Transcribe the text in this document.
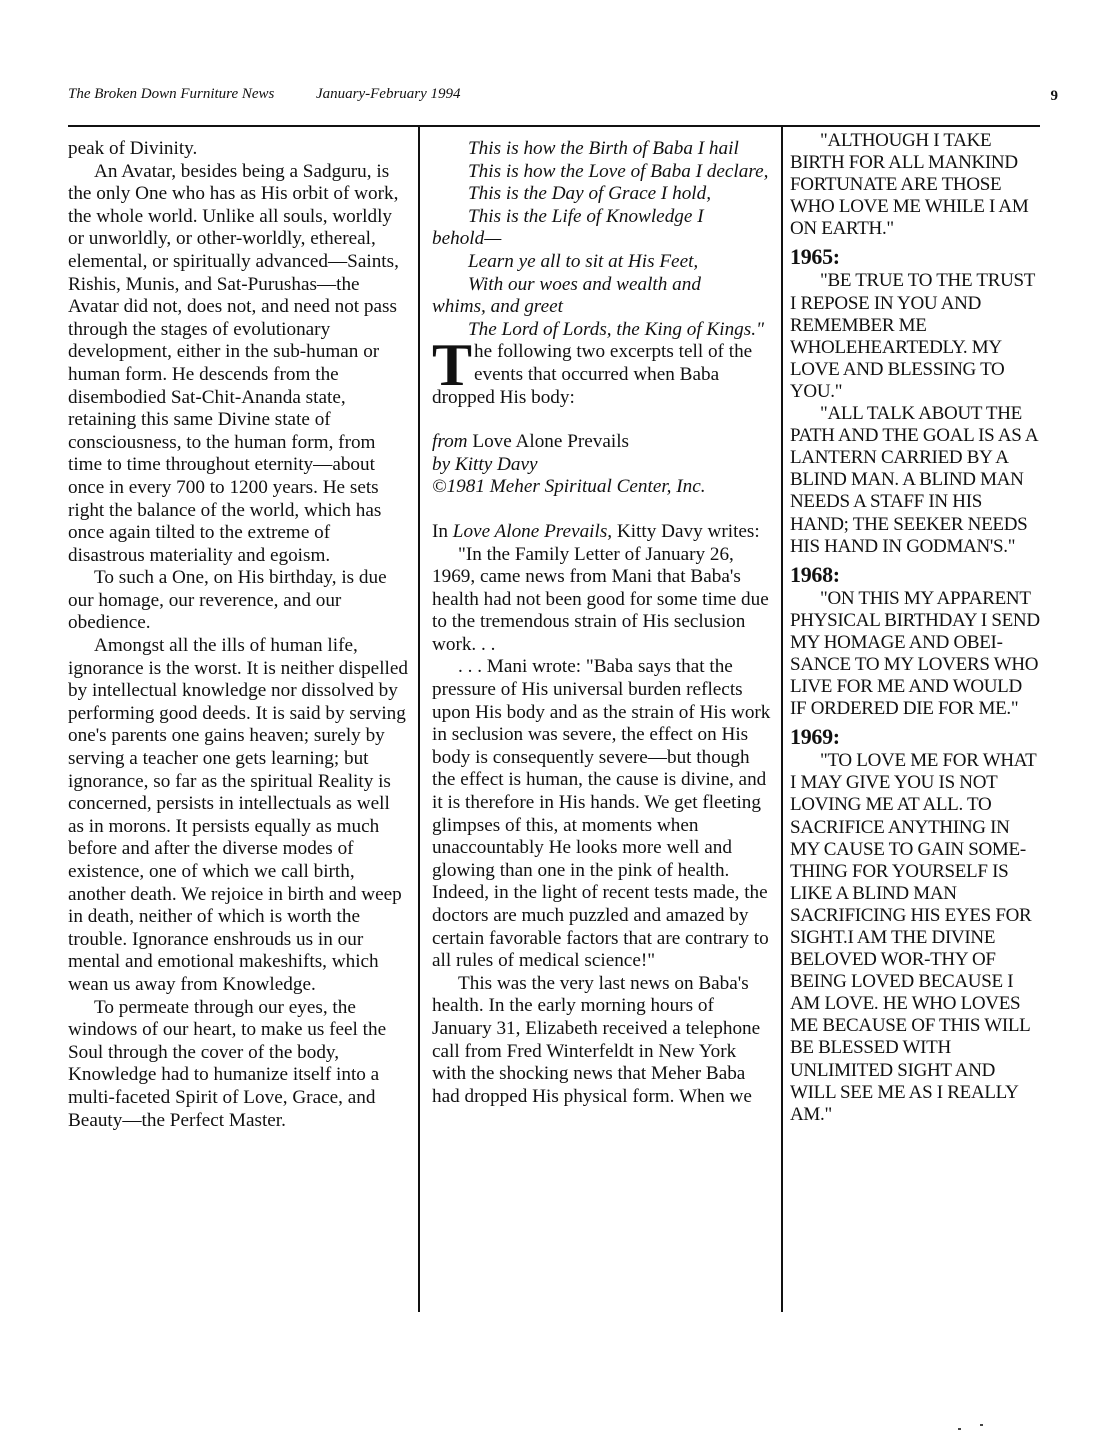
The Broken Down Furniture News	January-February 1994	9

peak of Divinity.

An Avatar, besides being a Sadguru, is the only One who has as His orbit of work, the whole world. Unlike all souls, worldly or unworldly, or other-worldly, ethereal, elemental, or spiritually advanced—Saints, Rishis, Munis, and Sat-Purushas—the Avatar did not, does not, and need not pass through the stages of evolutionary development, either in the sub-human or human form. He descends from the disembodied Sat-Chit-Ananda state, retaining this same Divine state of consciousness, to the human form, from time to time throughout eternity—about once in every 700 to 1200 years. He sets right the balance of the world, which has once again tilted to the extreme of disastrous materiality and egoism.

To such a One, on His birthday, is due our homage, our reverence, and our obedience.

Amongst all the ills of human life, ignorance is the worst. It is neither dispelled by intellectual knowledge nor dissolved by performing good deeds. It is said by serving one's parents one gains heaven; surely by serving a teacher one gets learning; but ignorance, so far as the spiritual Reality is concerned, persists in intellectuals as well as in morons. It persists equally as much before and after the diverse modes of existence, one of which we call birth, another death. We rejoice in birth and weep in death, neither of which is worth the trouble. Ignorance enshrouds us in our mental and emotional makeshifts, which wean us away from Knowledge.

To permeate through our eyes, the windows of our heart, to make us feel the Soul through the cover of the body, Knowledge had to humanize itself into a multi-faceted Spirit of Love, Grace, and Beauty—the Perfect Master.

This is how the Birth of Baba I hail

This is how the Love of Baba I declare,

This is the Day of Grace I hold,

This is the Life of Knowledge I

behold—

Learn ye all to sit at His Feet,

With our woes and wealth and

whims, and greet

The Lord of Lords, the King of Kings."

The following two excerpts tell of the events that occurred when Baba dropped His body:

from Love Alone Prevails

by Kitty Davy

©1981 Meher Spiritual Center, Inc.

In Love Alone Prevails, Kitty Davy writes:

"In the Family Letter of January 26, 1969, came news from Mani that Baba's health had not been good for some time due to the tremendous strain of His seclusion work. . .

. . . Mani wrote: "Baba says that the pressure of His universal burden reflects upon His body and as the strain of His work in seclusion was severe, the effect on His body is consequently severe—but though the effect is human, the cause is divine, and it is therefore in His hands. We get fleeting glimpses of this, at moments when unaccountably He looks more well and glowing than one in the pink of health. Indeed, in the light of recent tests made, the doctors are much puzzled and amazed by certain favorable factors that are contrary to all rules of medical science!"

This was the very last news on Baba's health. In the early morning hours of January 31, Elizabeth received a telephone call from Fred Winterfeldt in New York with the shocking news that Meher Baba had dropped His physical form. When we

"ALTHOUGH I TAKE BIRTH FOR ALL MANKIND FORTUNATE ARE THOSE WHO LOVE ME WHILE I AM ON EARTH."

1965:

"BE TRUE TO THE TRUST I REPOSE IN YOU AND REMEMBER ME WHOLEHEARTEDLY. MY LOVE AND BLESSING TO YOU."

"ALL TALK ABOUT THE PATH AND THE GOAL IS AS A LANTERN CARRIED BY A BLIND MAN. A BLIND MAN NEEDS A STAFF IN HIS HAND; THE SEEKER NEEDS HIS HAND IN GODMAN'S."

1968:

"ON THIS MY APPARENT PHYSICAL BIRTHDAY I SEND MY HOMAGE AND OBEI-SANCE TO MY LOVERS WHO LIVE FOR ME AND WOULD IF ORDERED DIE FOR ME."

1969:

"TO LOVE ME FOR WHAT I MAY GIVE YOU IS NOT LOVING ME AT ALL. TO SACRIFICE ANYTHING IN MY CAUSE TO GAIN SOME-THING FOR YOURSELF IS LIKE A BLIND MAN SACRIFICING HIS EYES FOR SIGHT.I AM THE DIVINE BELOVED WOR-THY OF BEING LOVED BECAUSE I AM LOVE. HE WHO LOVES ME BECAUSE OF THIS WILL BE BLESSED WITH UNLIMITED SIGHT AND WILL SEE ME AS I REALLY AM."
